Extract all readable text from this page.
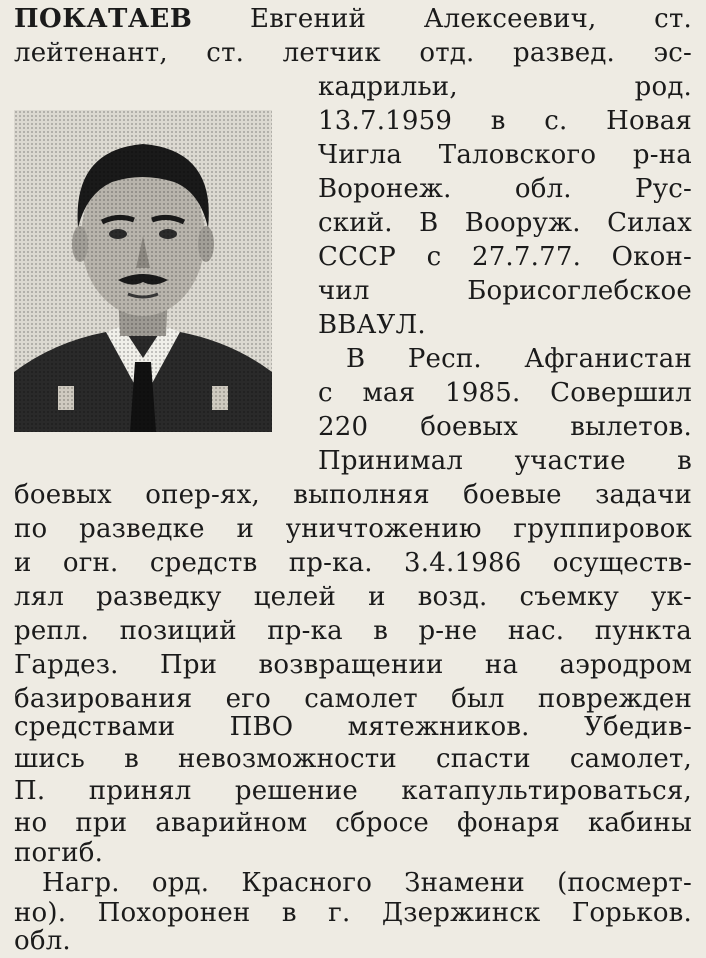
ПОКАТАЕВ Евгений Алексеевич, ст.
лейтенант, ст. летчик отд. развед. эс-
кадрильи, род.
13.7.1959 в с. Новая
Чигла Таловского р-на
Воронеж. обл. Рус-
ский. В Вооруж. Силах
СССР с 27.7.77. Окон-
чил Борисоглебское
ВВАУЛ.
В Респ. Афганистан
с мая 1985. Совершил
220 боевых вылетов.
Принимал участие в
боевых опер-ях, выполняя боевые задачи
по разведке и уничтожению группировок
и огн. средств пр-ка. 3.4.1986 осуществ-
лял разведку целей и возд. съемку ук-
репл. позиций пр-ка в р-не нас. пункта
Гардез. При возвращении на аэродром
базирования его самолет был поврежден
средствами ПВО мятежников. Убедив-
шись в невозможности спасти самолет,
П. принял решение катапультироваться,
но при аварийном сбросе фонаря кабины
погиб.
Нагр. орд. Красного Знамени (посмерт-
но). Похоронен в г. Дзержинск Горьков.
обл.
